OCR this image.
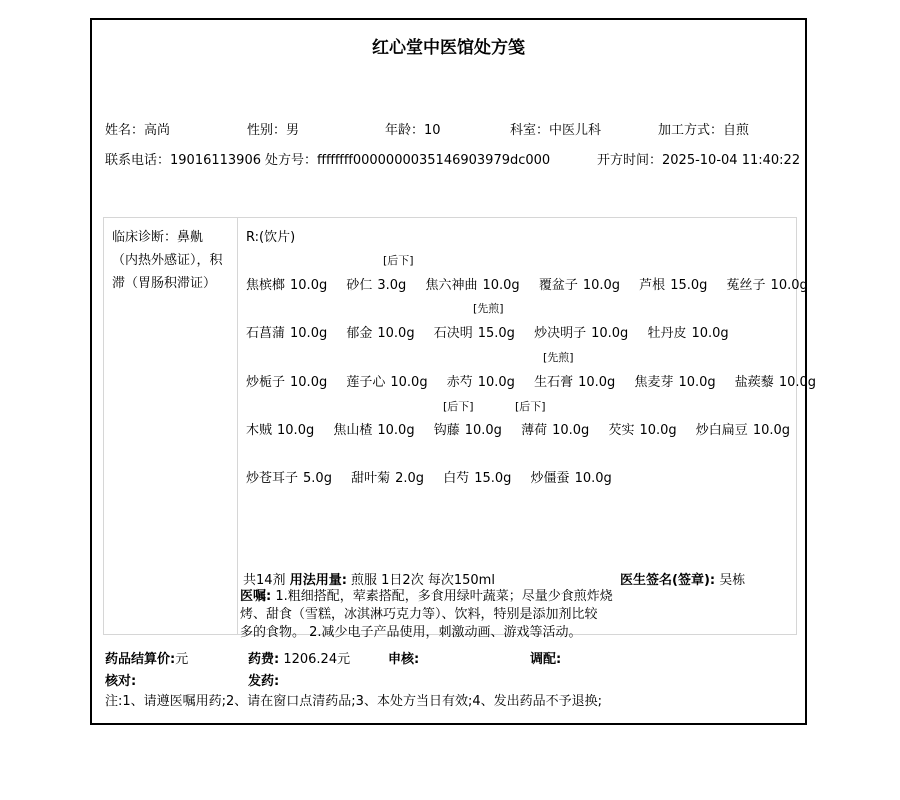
红心堂中医馆处方笺
姓名：高尚	性别：男	年龄：10	科室：中医儿科	加工方式：自煎
联系电话：19016113906 处方号：ffffffff0000000035146903979dc000	开方时间：2025-10-04 11:40:22
临床诊断：鼻鼽（内热外感证），积滞（胃肠积滞证）
R:(饮片)
[后下]
焦槟榔 10.0g 砂仁 3.0g 焦六神曲 10.0g 覆盆子 10.0g 芦根 15.0g 菟丝子 10.0g
[先煎]
石菖蒲 10.0g 郁金 10.0g 石决明 15.0g 炒决明子 10.0g 牡丹皮 10.0g
[先煎]
炒栀子 10.0g 莲子心 10.0g 赤芍 10.0g 生石膏 10.0g 焦麦芽 10.0g 盐蒺藜 10.0g
[后下]	[后下]
木贼 10.0g 焦山楂 10.0g 钩藤 10.0g 薄荷 10.0g 芡实 10.0g 炒白扁豆 10.0g
炒苍耳子 5.0g 甜叶菊 2.0g 白芍 15.0g 炒僵蚕 10.0g
共14剂 用法用量: 煎服 1日2次 每次150ml	医生签名(签章): 吴栋
医嘱: 1.粗细搭配，荤素搭配，多食用绿叶蔬菜；尽量少食煎炸烧
烤、甜食（雪糕，冰淇淋巧克力等）、饮料，特别是添加剂比较
多的食物。 2.减少电子产品使用，刺激动画、游戏等活动。
药品结算价:元	药费: 1206.24元	申核:	调配:
核对:	发药:
注:1、请遵医嘱用药;2、请在窗口点清药品;3、本处方当日有效;4、发出药品不予退换;
